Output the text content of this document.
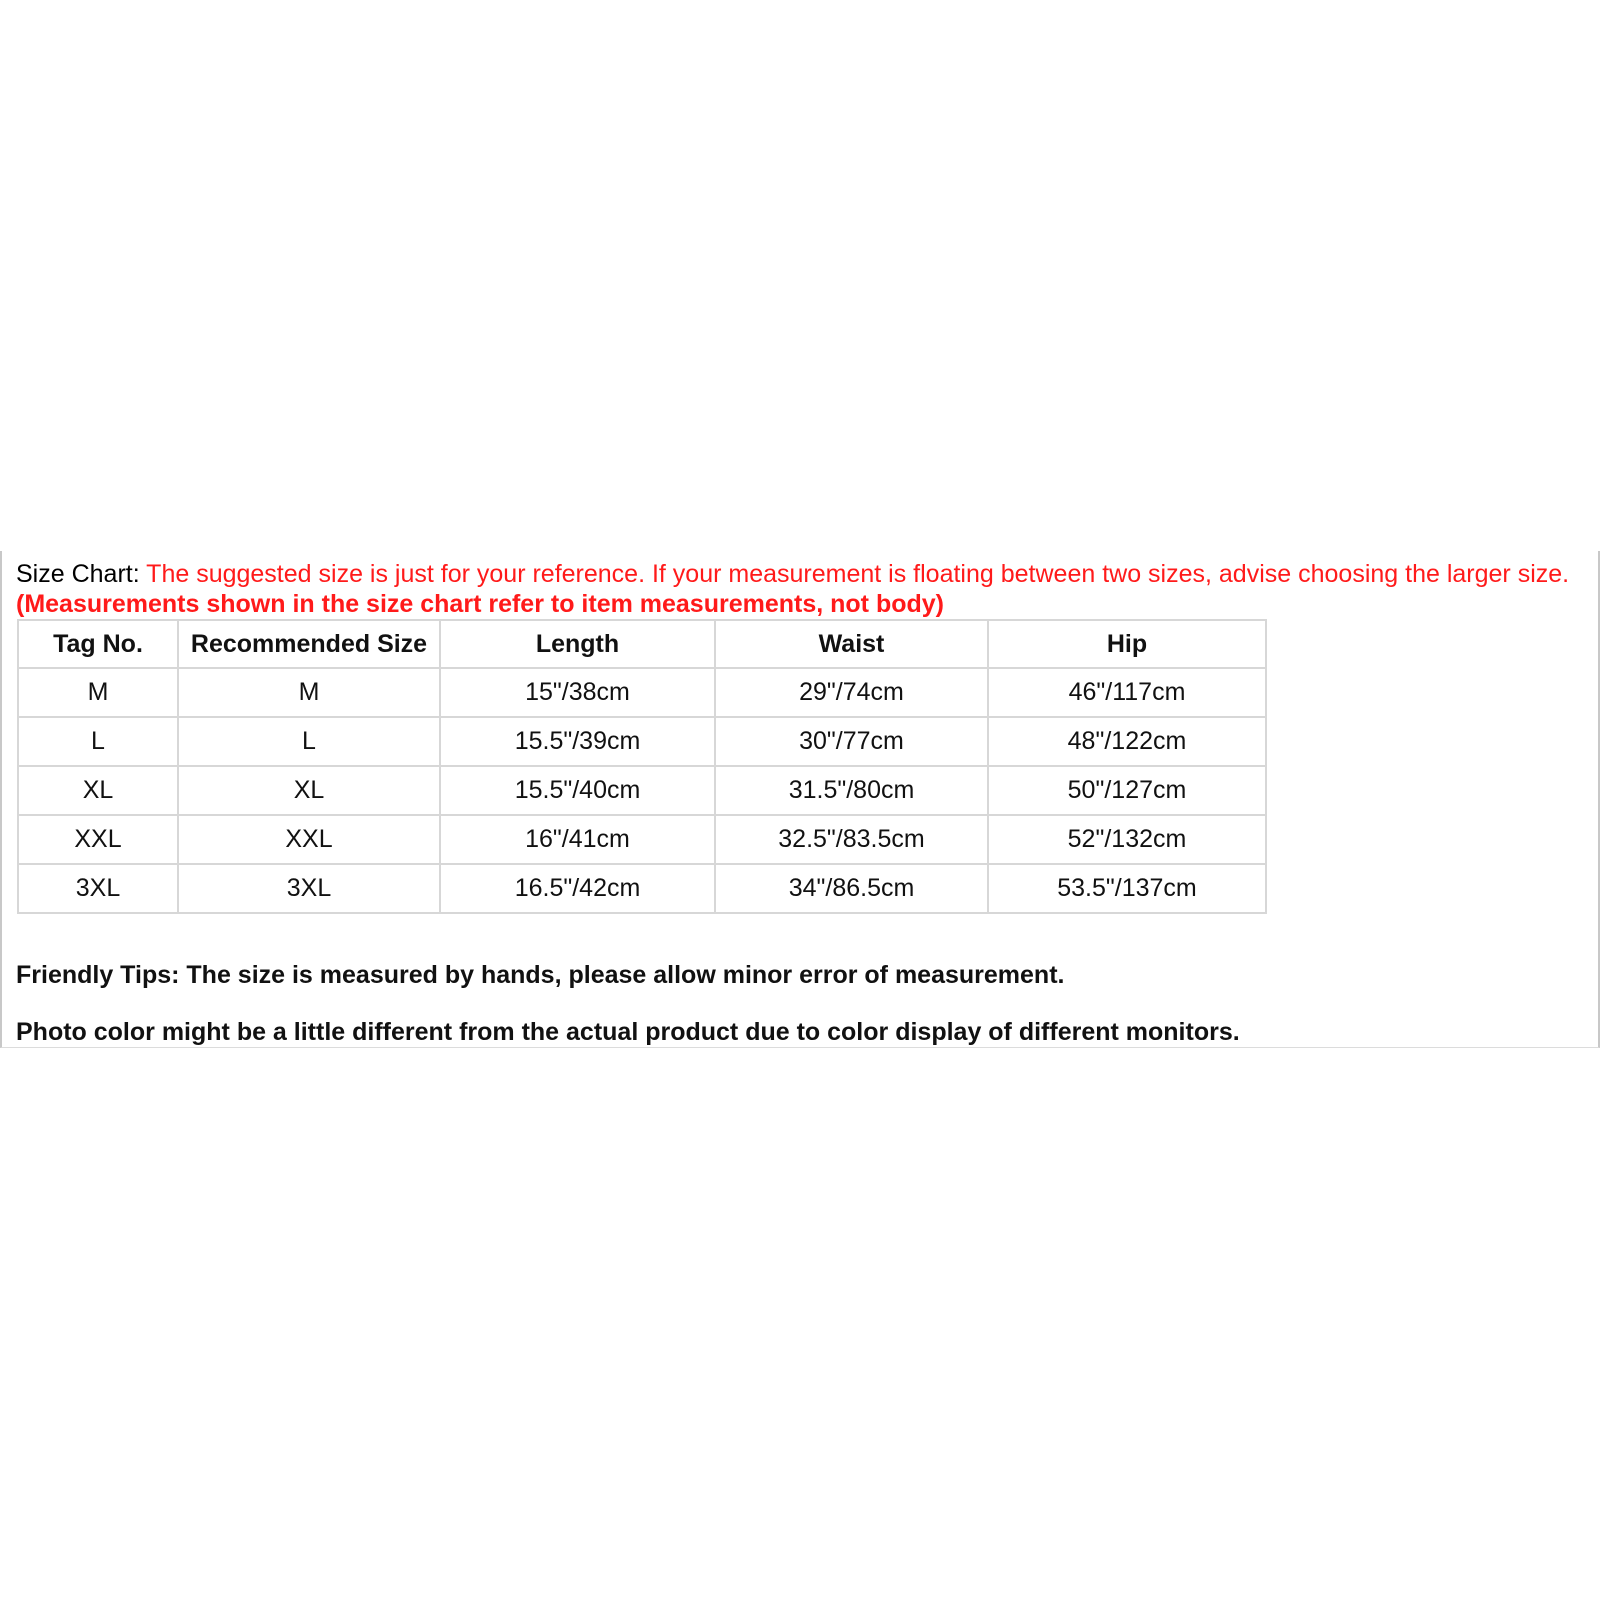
Size Chart: The suggested size is just for your reference. If your measurement is floating between two sizes, advise choosing the larger size. (Measurements shown in the size chart refer to item measurements, not body)

Tag No.	Recommended Size	Length	Waist	Hip
M	M	15"/38cm	29"/74cm	46"/117cm
L	L	15.5"/39cm	30"/77cm	48"/122cm
XL	XL	15.5"/40cm	31.5"/80cm	50"/127cm
XXL	XXL	16"/41cm	32.5"/83.5cm	52"/132cm
3XL	3XL	16.5"/42cm	34"/86.5cm	53.5"/137cm

Friendly Tips: The size is measured by hands, please allow minor error of measurement.

Photo color might be a little different from the actual product due to color display of different monitors.
